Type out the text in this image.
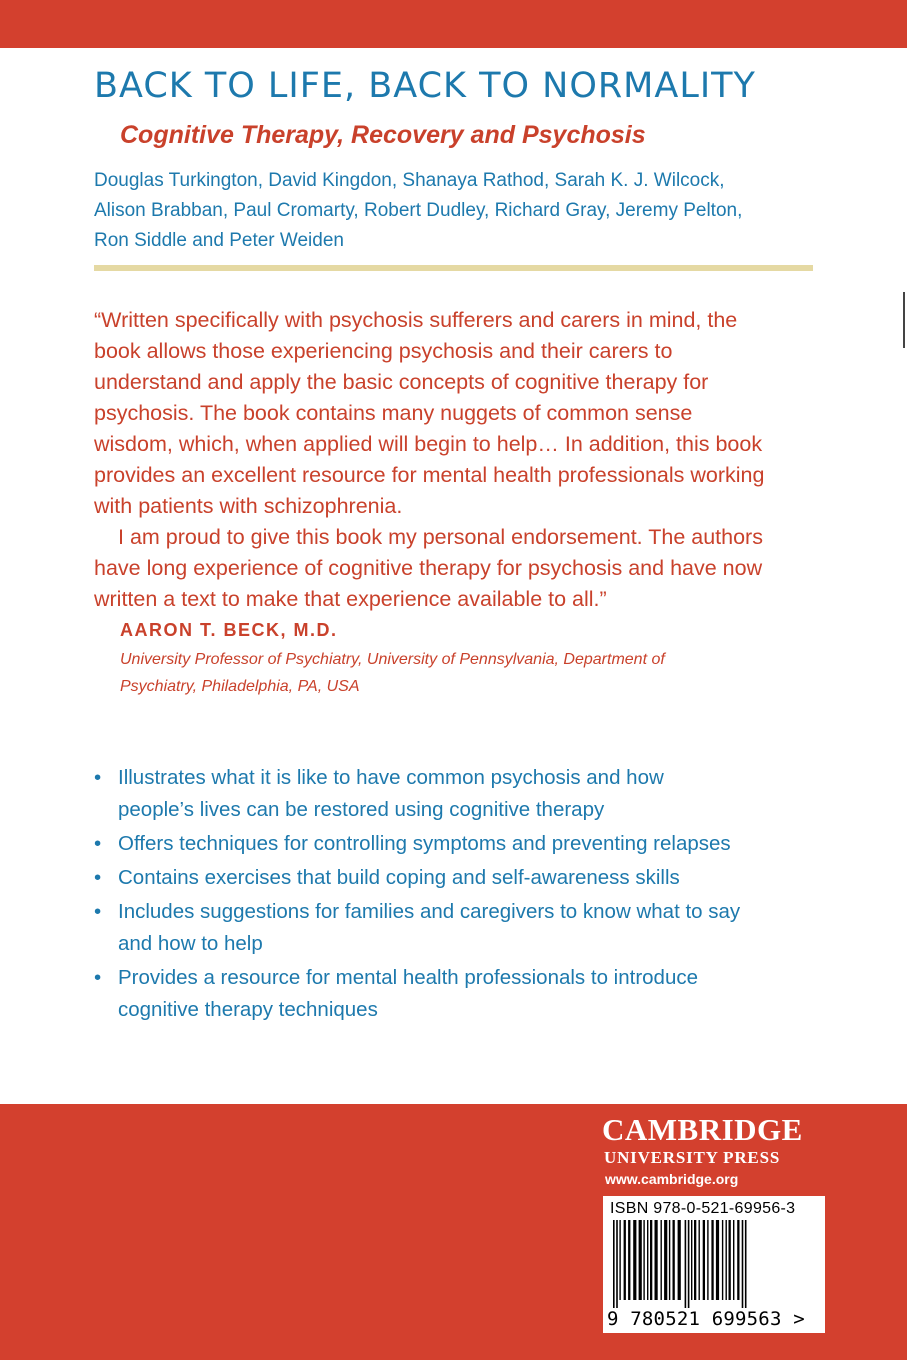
BACK TO LIFE, BACK TO NORMALITY
Cognitive Therapy, Recovery and Psychosis
Douglas Turkington, David Kingdon, Shanaya Rathod, Sarah K. J. Wilcock,
Alison Brabban, Paul Cromarty, Robert Dudley, Richard Gray, Jeremy Pelton,
Ron Siddle and Peter Weiden
“Written specifically with psychosis sufferers and carers in mind, the
book allows those experiencing psychosis and their carers to
understand and apply the basic concepts of cognitive therapy for
psychosis. The book contains many nuggets of common sense
wisdom, which, when applied will begin to help… In addition, this book
provides an excellent resource for mental health professionals working
with patients with schizophrenia.
I am proud to give this book my personal endorsement. The authors
have long experience of cognitive therapy for psychosis and have now
written a text to make that experience available to all.”
AARON T. BECK, M.D.
University Professor of Psychiatry, University of Pennsylvania, Department of
Psychiatry, Philadelphia, PA, USA
• Illustrates what it is like to have common psychosis and how
people’s lives can be restored using cognitive therapy
• Offers techniques for controlling symptoms and preventing relapses
• Contains exercises that build coping and self-awareness skills
• Includes suggestions for families and caregivers to know what to say
and how to help
• Provides a resource for mental health professionals to introduce
cognitive therapy techniques
CAMBRIDGE
UNIVERSITY PRESS
www.cambridge.org
ISBN 978-0-521-69956-3
9 780521 699563 >
